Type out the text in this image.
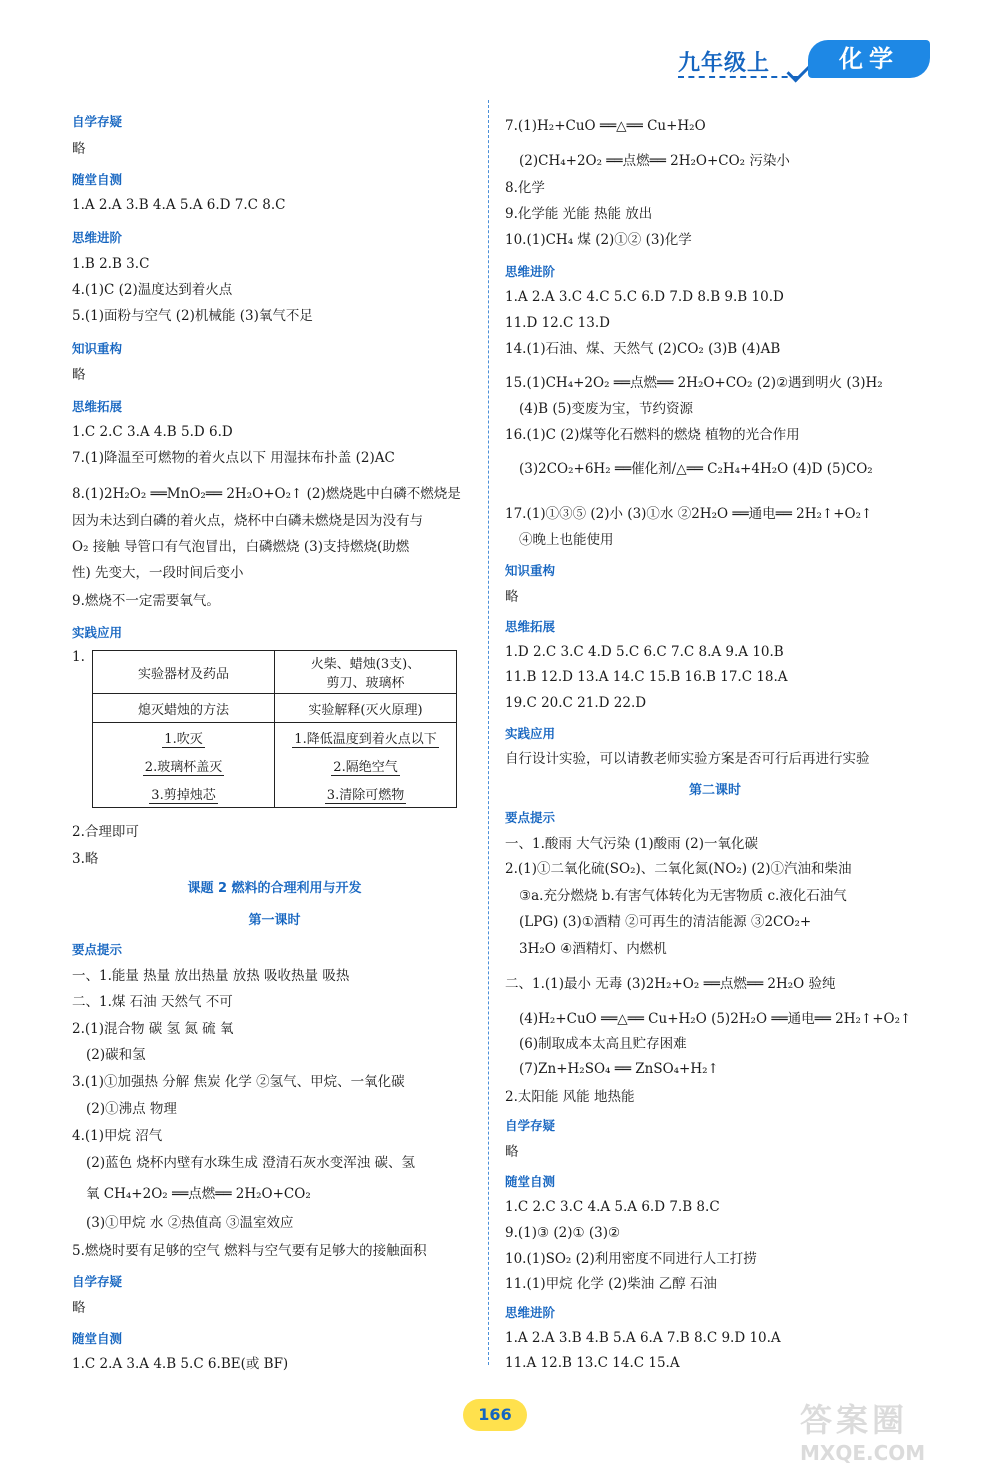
九年级上	化学
自学存疑
略
随堂自测
1.A 2.A 3.B 4.A 5.A 6.D 7.C 8.C
思维进阶
1.B 2.B 3.C
4.(1)C (2)温度达到着火点
5.(1)面粉与空气 (2)机械能 (3)氧气不足
知识重构
略
思维拓展
1.C 2.C 3.A 4.B 5.D 6.D
7.(1)降温至可燃物的着火点以下 用湿抹布扑盖 (2)AC
8.(1)2H₂O₂ ══MnO₂══ 2H₂O+O₂↑ (2)燃烧匙中白磷不燃烧是
因为未达到白磷的着火点，烧杯中白磷未燃烧是因为没有与
O₂ 接触 导管口有气泡冒出，白磷燃烧 (3)支持燃烧(助燃
性) 先变大，一段时间后变小
9.燃烧不一定需要氧气。
实践应用
1.
实验器材及药品	火柴、蜡烛(3支)、
剪刀、玻璃杯

熄灭蜡烛的方法	实验解释(灭火原理)
1.吹灭	1.降低温度到着火点以下
2.玻璃杯盖灭	2.隔绝空气
3.剪掉烛芯	3.清除可燃物
2.合理即可
3.略
课题 2 燃料的合理利用与开发
第一课时
要点提示
一、1.能量 热量 放出热量 放热 吸收热量 吸热
二、1.煤 石油 天然气 不可
2.(1)混合物 碳 氢 氮 硫 氧
(2)碳和氢
3.(1)①加强热 分解 焦炭 化学 ②氢气、甲烷、一氧化碳
(2)①沸点 物理
4.(1)甲烷 沼气
(2)蓝色 烧杯内壁有水珠生成 澄清石灰水变浑浊 碳、氢
氧 CH₄+2O₂ ══点燃══ 2H₂O+CO₂
(3)①甲烷 水 ②热值高 ③温室效应
5.燃烧时要有足够的空气 燃料与空气要有足够大的接触面积
自学存疑
略
随堂自测
1.C 2.A 3.A 4.B 5.C 6.BE(或 BF)
7.(1)H₂+CuO ══△══ Cu+H₂O
(2)CH₄+2O₂ ══点燃══ 2H₂O+CO₂ 污染小
8.化学
9.化学能 光能 热能 放出
10.(1)CH₄ 煤 (2)①② (3)化学
思维进阶
1.A 2.A 3.C 4.C 5.C 6.D 7.D 8.B 9.B 10.D
11.D 12.C 13.D
14.(1)石油、煤、天然气 (2)CO₂ (3)B (4)AB
15.(1)CH₄+2O₂ ══点燃══ 2H₂O+CO₂ (2)②遇到明火 (3)H₂
(4)B (5)变废为宝，节约资源
16.(1)C (2)煤等化石燃料的燃烧 植物的光合作用
(3)2CO₂+6H₂ ══催化剂/△══ C₂H₄+4H₂O (4)D (5)CO₂
17.(1)①③⑤ (2)小 (3)①水 ②2H₂O ══通电══ 2H₂↑+O₂↑
④晚上也能使用
知识重构
略
思维拓展
1.D 2.C 3.C 4.D 5.C 6.C 7.C 8.A 9.A 10.B
11.B 12.D 13.A 14.C 15.B 16.B 17.C 18.A
19.C 20.C 21.D 22.D
实践应用
自行设计实验，可以请教老师实验方案是否可行后再进行实验
第二课时
要点提示
一、1.酸雨 大气污染 (1)酸雨 (2)一氧化碳
2.(1)①二氧化硫(SO₂)、二氧化氮(NO₂) (2)①汽油和柴油
③a.充分燃烧 b.有害气体转化为无害物质 c.液化石油气
(LPG) (3)①酒精 ②可再生的清洁能源 ③2CO₂+
3H₂O ④酒精灯、内燃机
二、1.(1)最小 无毒 (3)2H₂+O₂ ══点燃══ 2H₂O 验纯
(4)H₂+CuO ══△══ Cu+H₂O (5)2H₂O ══通电══ 2H₂↑+O₂↑
(6)制取成本太高且贮存困难
(7)Zn+H₂SO₄ ══ ZnSO₄+H₂↑
2.太阳能 风能 地热能
自学存疑
略
随堂自测
1.C 2.C 3.C 4.A 5.A 6.D 7.B 8.C
9.(1)③ (2)① (3)②
10.(1)SO₂ (2)利用密度不同进行人工打捞
11.(1)甲烷 化学 (2)柴油 乙醇 石油
思维进阶
1.A 2.A 3.B 4.B 5.A 6.A 7.B 8.C 9.D 10.A
11.A 12.B 13.C 14.C 15.A
166	答案圈
MXQE.COM
